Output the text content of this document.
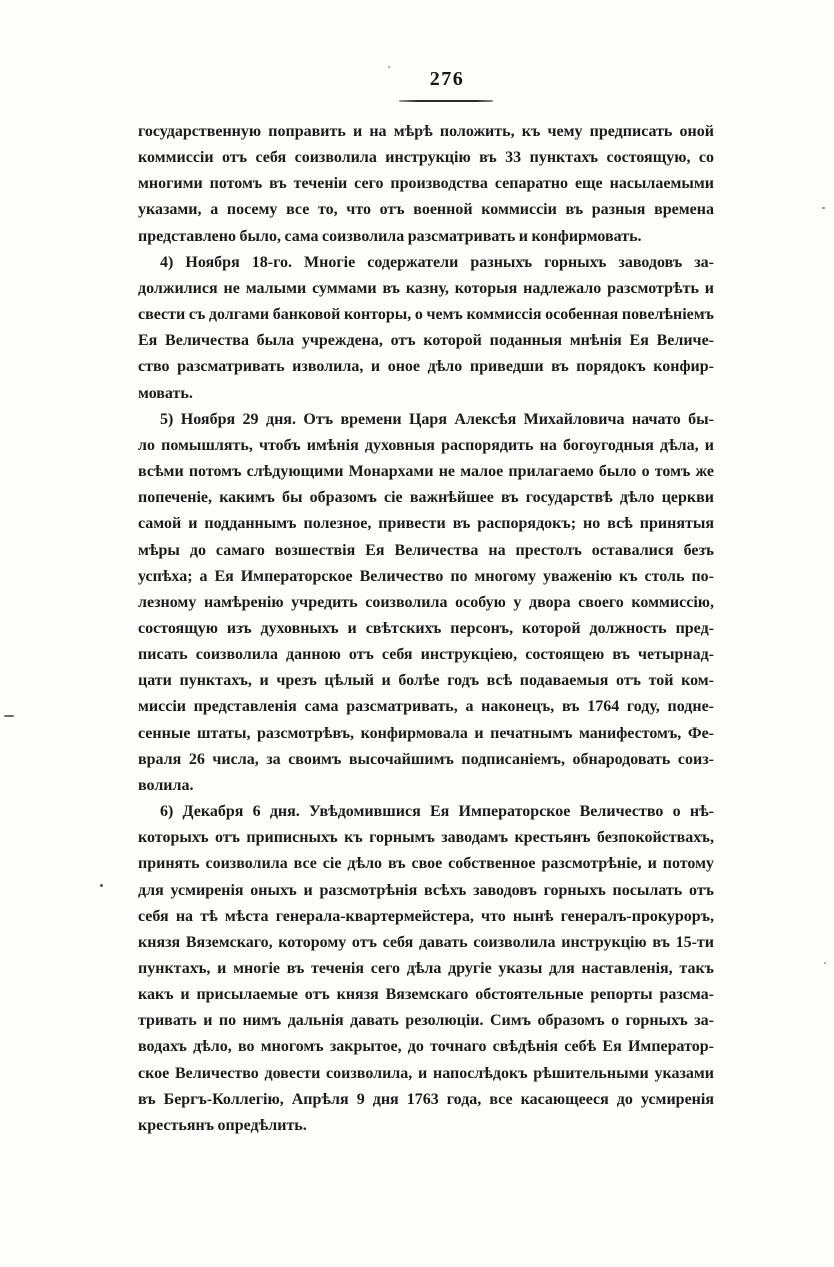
276

государственную поправить и на мѣрѣ положить, къ чему предписать оной
коммиссіи отъ себя соизволила инструкцію въ 33 пунктахъ состоящую, со
многими потомъ въ теченіи сего производства сепаратно еще насылаемыми
указами, а посему все то, что отъ военной коммиссіи въ разныя времена
представлено было, сама соизволила разсматривать и конфирмовать.

4) Ноября 18-го. Многіе содержатели разныхъ горныхъ заводовъ за-
должилися не малыми суммами въ казну, которыя надлежало разсмотрѣть и
свести съ долгами банковой конторы, о чемъ коммиссія особенная повелѣніемъ
Ея Величества была учреждена, отъ которой поданныя мнѣнія Ея Величе-
ство разсматривать изволила, и оное дѣло приведши въ порядокъ конфир-
мовать.

5) Ноября 29 дня. Отъ времени Царя Алексѣя Михайловича начато бы-
ло помышлять, чтобъ имѣнія духовныя распорядить на богоугодныя дѣла, и
всѣми потомъ слѣдующими Монархами не малое прилагаемо было о томъ же
попеченіе, какимъ бы образомъ сіе важнѣйшее въ государствѣ дѣло церкви
самой и подданнымъ полезное, привести въ распорядокъ; но всѣ принятыя
мѣры до самаго возшествія Ея Величества на престолъ оставалися безъ
успѣха; а Ея Императорское Величество по многому уваженію къ столь по-
лезному намѣренію учредить соизволила особую у двора своего коммиссію,
состоящую изъ духовныхъ и свѣтскихъ персонъ, которой должность пред-
писать соизволила данною отъ себя инструкціею, состоящею въ четырнад-
цати пунктахъ, и чрезъ цѣлый и болѣе годъ всѣ подаваемыя отъ той ком-
миссіи представленія сама разсматривать, а наконецъ, въ 1764 году, подне-
сенные штаты, разсмотрѣвъ, конфирмовала и печатнымъ манифестомъ, Фе-
враля 26 числа, за своимъ высочайшимъ подписаніемъ, обнародовать соиз-
волила.

6) Декабря 6 дня. Увѣдомившися Ея Императорское Величество о нѣ-
которыхъ отъ приписныхъ къ горнымъ заводамъ крестьянъ безпокойствахъ,
принять соизволила все сіе дѣло въ свое собственное разсмотрѣніе, и потому
для усмиренія оныхъ и разсмотрѣнія всѣхъ заводовъ горныхъ посылать отъ
себя на тѣ мѣста генерала-квартермейстера, что нынѣ генералъ-прокуроръ,
князя Вяземскаго, которому отъ себя давать соизволила инструкцію въ 15-ти
пунктахъ, и многіе въ теченія сего дѣла другіе указы для наставленія, такъ
какъ и присылаемые отъ князя Вяземскаго обстоятельные репорты разсма-
тривать и по нимъ дальнія давать резолюціи. Симъ образомъ о горныхъ за-
водахъ дѣло, во многомъ закрытое, до точнаго свѣдѣнія себѣ Ея Император-
ское Величество довести соизволила, и напослѣдокъ рѣшительными указами
въ Бергъ-Коллегію, Апрѣля 9 дня 1763 года, все касающееся до усмиренія
крестьянъ опредѣлить.
